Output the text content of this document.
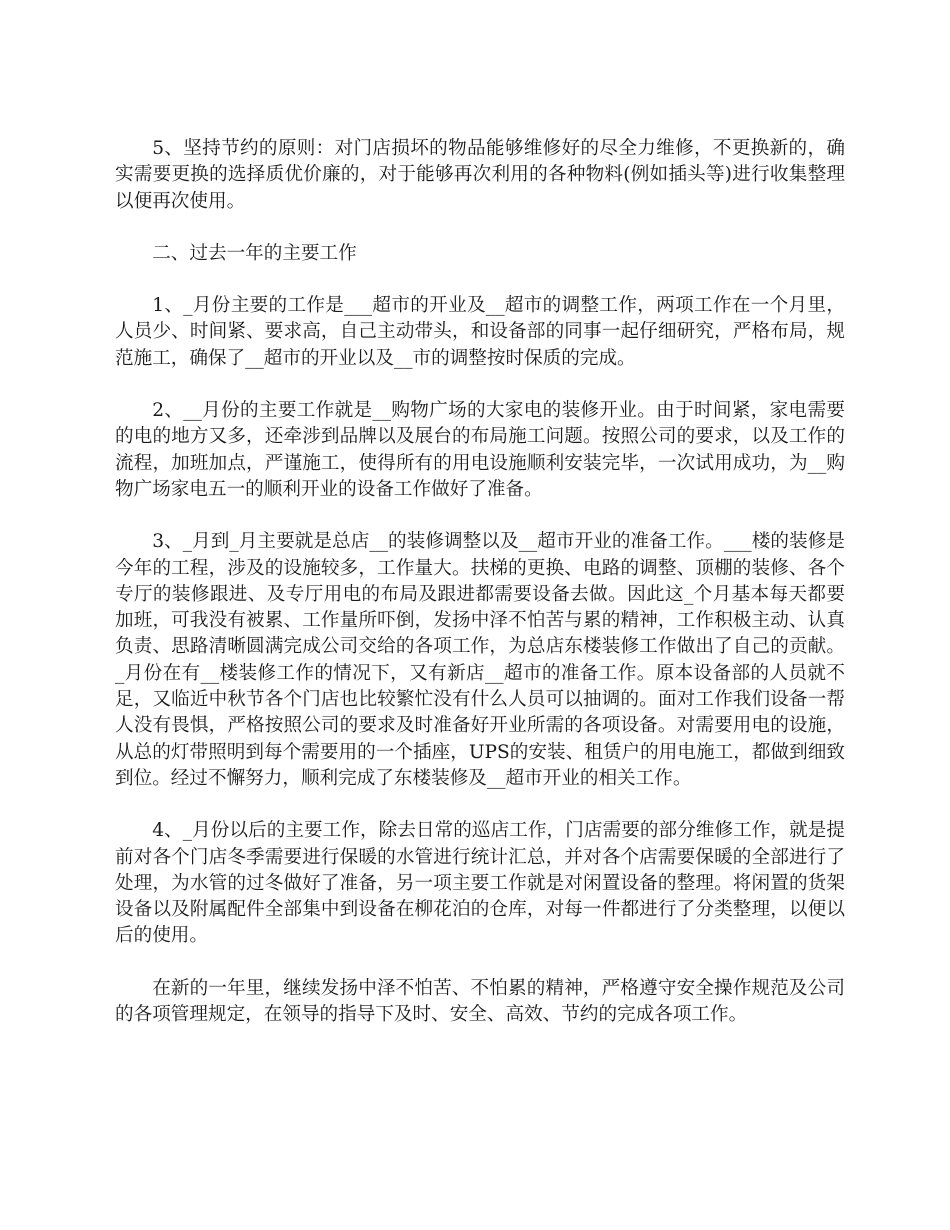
5、坚持节约的原则：对门店损坏的物品能够维修好的尽全力维修，不更换新的，确实需要更换的选择质优价廉的，对于能够再次利用的各种物料(例如插头等)进行收集整理以便再次使用。

二、过去一年的主要工作

1、_月份主要的工作是___超市的开业及__超市的调整工作，两项工作在一个月里，人员少、时间紧、要求高，自己主动带头，和设备部的同事一起仔细研究，严格布局，规范施工，确保了__超市的开业以及__市的调整按时保质的完成。

2、__月份的主要工作就是__购物广场的大家电的装修开业。由于时间紧，家电需要的电的地方又多，还牵涉到品牌以及展台的布局施工问题。按照公司的要求，以及工作的流程，加班加点，严谨施工，使得所有的用电设施顺利安装完毕，一次试用成功，为__购物广场家电五一的顺利开业的设备工作做好了准备。

3、_月到_月主要就是总店__的装修调整以及__超市开业的准备工作。___楼的装修是今年的工程，涉及的设施较多，工作量大。扶梯的更换、电路的调整、顶棚的装修、各个专厅的装修跟进、及专厅用电的布局及跟进都需要设备去做。因此这_个月基本每天都要加班，可我没有被累、工作量所吓倒，发扬中泽不怕苦与累的精神，工作积极主动、认真负责、思路清晰圆满完成公司交给的各项工作，为总店东楼装修工作做出了自己的贡献。_月份在有__楼装修工作的情况下，又有新店__超市的准备工作。原本设备部的人员就不足，又临近中秋节各个门店也比较繁忙没有什么人员可以抽调的。面对工作我们设备一帮人没有畏惧，严格按照公司的要求及时准备好开业所需的各项设备。对需要用电的设施，从总的灯带照明到每个需要用的一个插座，UPS的安装、租赁户的用电施工，都做到细致到位。经过不懈努力，顺利完成了东楼装修及__超市开业的相关工作。

4、_月份以后的主要工作，除去日常的巡店工作，门店需要的部分维修工作，就是提前对各个门店冬季需要进行保暖的水管进行统计汇总，并对各个店需要保暖的全部进行了处理，为水管的过冬做好了准备，另一项主要工作就是对闲置设备的整理。将闲置的货架设备以及附属配件全部集中到设备在柳花泊的仓库，对每一件都进行了分类整理，以便以后的使用。

在新的一年里，继续发扬中泽不怕苦、不怕累的精神，严格遵守安全操作规范及公司的各项管理规定，在领导的指导下及时、安全、高效、节约的完成各项工作。
